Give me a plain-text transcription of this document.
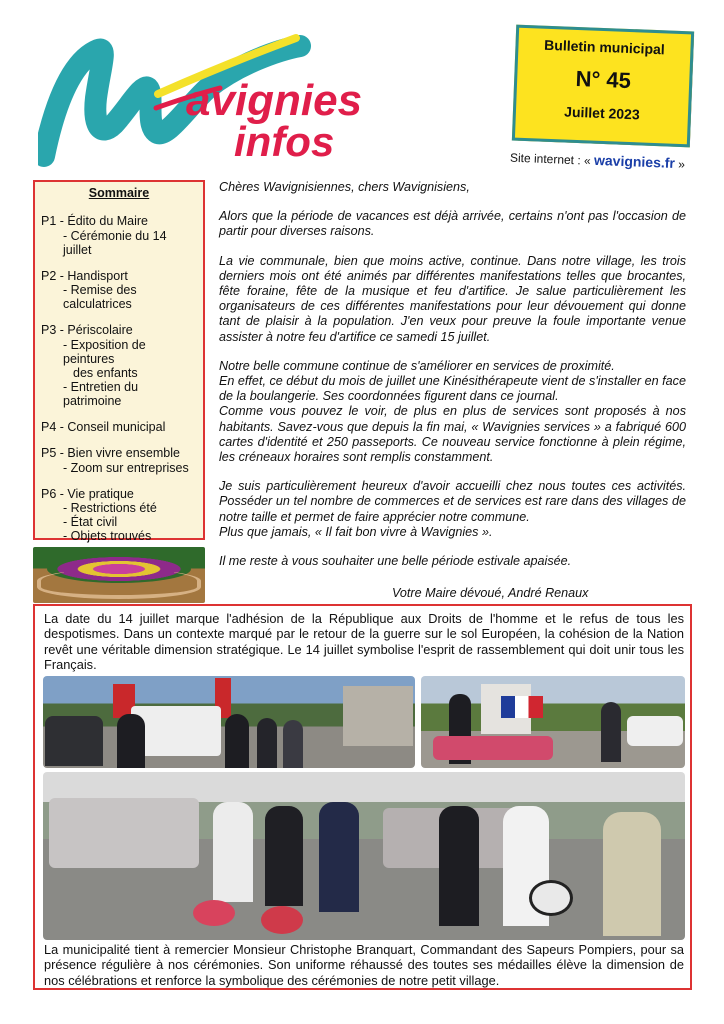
avignies
infos
Bulletin municipal
N° 45
Juillet 2023
Site internet : « wavignies.fr »
Sommaire
P1 - Édito du Maire
- Cérémonie du 14 juillet
P2 - Handisport
- Remise des calculatrices
P3 - Périscolaire
- Exposition de peintures
des enfants
- Entretien du patrimoine
P4 - Conseil municipal
P5 - Bien vivre ensemble
- Zoom sur entreprises
P6 - Vie pratique
- Restrictions été
- État civil
- Objets trouvés

Chères Wavignisiennes, chers Wavignisiens,

Alors que la période de vacances est déjà arrivée, certains n'ont pas l'occasion de partir pour diverses raisons.

La vie communale, bien que moins active, continue. Dans notre village, les trois derniers mois ont été animés par différentes manifestations telles que brocantes, fête foraine, fête de la musique et feu d'artifice. Je salue particulièrement les organisateurs de ces différentes manifestations pour leur dévouement qui donne tant de plaisir à la population. J'en veux pour preuve la foule importante venue assister à notre feu d'artifice ce samedi 15 juillet.

Notre belle commune continue de s'améliorer en services de proximité.
En effet, ce début du mois de juillet une Kinésithérapeute vient de s'installer en face de la boulangerie. Ses coordonnées figurent dans ce journal.
Comme vous pouvez le voir, de plus en plus de services sont proposés à nos habitants. Savez-vous que depuis la fin mai, « Wavignies services » a fabriqué 600 cartes d'identité et 250 passeports. Ce nouveau service fonctionne à plein régime, les créneaux horaires sont remplis constamment.

Je suis particulièrement heureux d'avoir accueilli chez nous toutes ces activités. Posséder un tel nombre de commerces et de services est rare dans des villages de notre taille et permet de faire apprécier notre commune.
Plus que jamais, « Il fait bon vivre à Wavignies ».

Il me reste à vous souhaiter une belle période estivale apaisée.

Votre Maire dévoué, André Renaux
La date du 14 juillet marque l'adhésion de la République aux Droits de l'homme et le refus de tous les despotismes. Dans un contexte marqué par le retour de la guerre sur le sol Européen, la cohésion de la Nation revêt une véritable dimension stratégique. Le 14 juillet symbolise l'esprit de rassemblement qui doit unir tous les Français.
La municipalité tient à remercier Monsieur Christophe Branquart, Commandant des Sapeurs Pompiers, pour sa présence régulière à nos cérémonies. Son uniforme réhaussé des toutes ses médailles élève la dimension de nos célébrations et renforce la symbolique des cérémonies de notre petit village.
